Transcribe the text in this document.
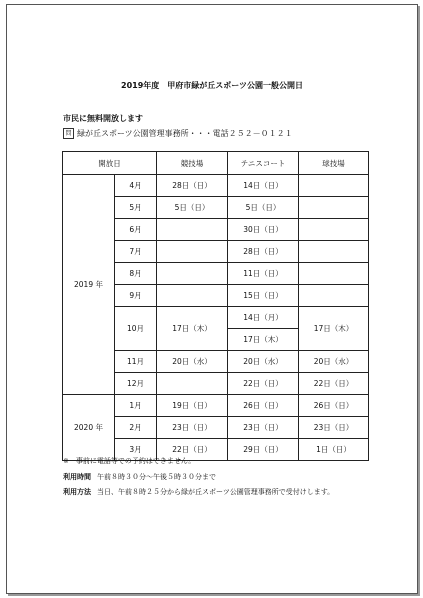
2019年度　甲府市緑が丘スポーツ公園一般公開日
市民に無料開放します
問 緑が丘スポーツ公園管理事務所・・・電話２５２－０１２１
開放日		競技場	テニスコート	球技場
2019 年	4月	28日（日）	14日（日）	
	5月	5日（日）	5日（日）	
	6月		30日（日）	
	7月		28日（日）	
	8月		11日（日）	
	9月		15日（日）	
	10月	17日（木）	14日（月）	17日（木）
			17日（木）	
	11月	20日（水）	20日（水）	20日（水）
	12月		22日（日）	22日（日）
2020 年	1月	19日（日）	26日（日）	26日（日）
	2月	23日（日）	23日（日）	23日（日）
	3月	22日（日）	29日（日）	1日（日）
※　事前に電話等での予約はできません。
利用時間 午前８時３０分～午後５時３０分まで
利用方法 当日、午前８時２５分から緑が丘スポーツ公園管理事務所で受付けします。
